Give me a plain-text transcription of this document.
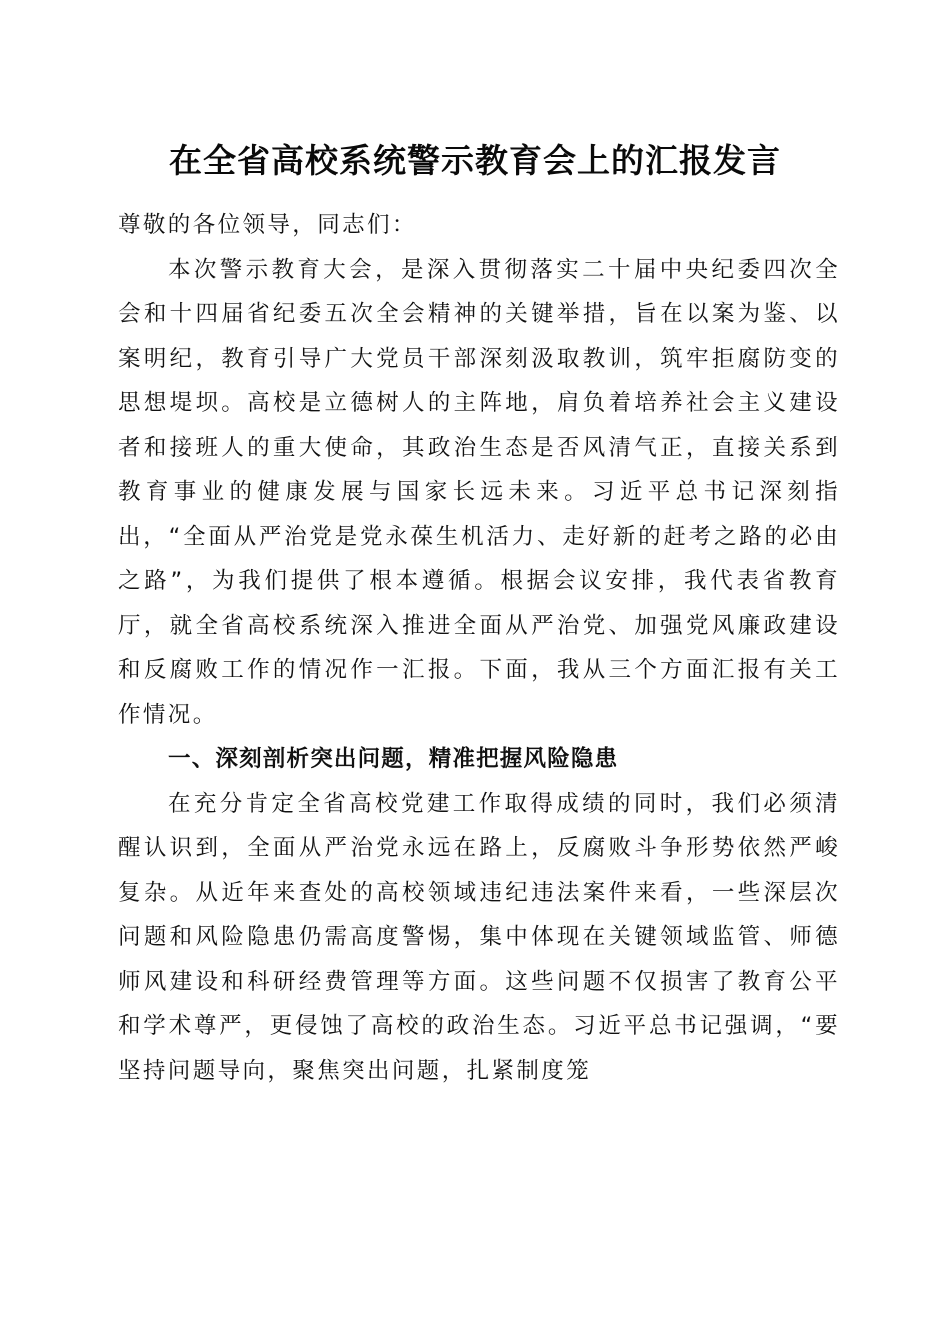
在全省高校系统警示教育会上的汇报发言

尊敬的各位领导，同志们：

本次警示教育大会，是深入贯彻落实二十届中央纪委四次全会和十四届省纪委五次全会精神的关键举措，旨在以案为鉴、以案明纪，教育引导广大党员干部深刻汲取教训，筑牢拒腐防变的思想堤坝。高校是立德树人的主阵地，肩负着培养社会主义建设者和接班人的重大使命，其政治生态是否风清气正，直接关系到教育事业的健康发展与国家长远未来。习近平总书记深刻指出，“全面从严治党是党永葆生机活力、走好新的赶考之路的必由之路”，为我们提供了根本遵循。根据会议安排，我代表省教育厅，就全省高校系统深入推进全面从严治党、加强党风廉政建设和反腐败工作的情况作一汇报。下面，我从三个方面汇报有关工作情况。

一、深刻剖析突出问题，精准把握风险隐患

在充分肯定全省高校党建工作取得成绩的同时，我们必须清醒认识到，全面从严治党永远在路上，反腐败斗争形势依然严峻复杂。从近年来查处的高校领域违纪违法案件来看，一些深层次问题和风险隐患仍需高度警惕，集中体现在关键领域监管、师德师风建设和科研经费管理等方面。这些问题不仅损害了教育公平和学术尊严，更侵蚀了高校的政治生态。习近平总书记强调，“要坚持问题导向，聚焦突出问题，扎紧制度笼
